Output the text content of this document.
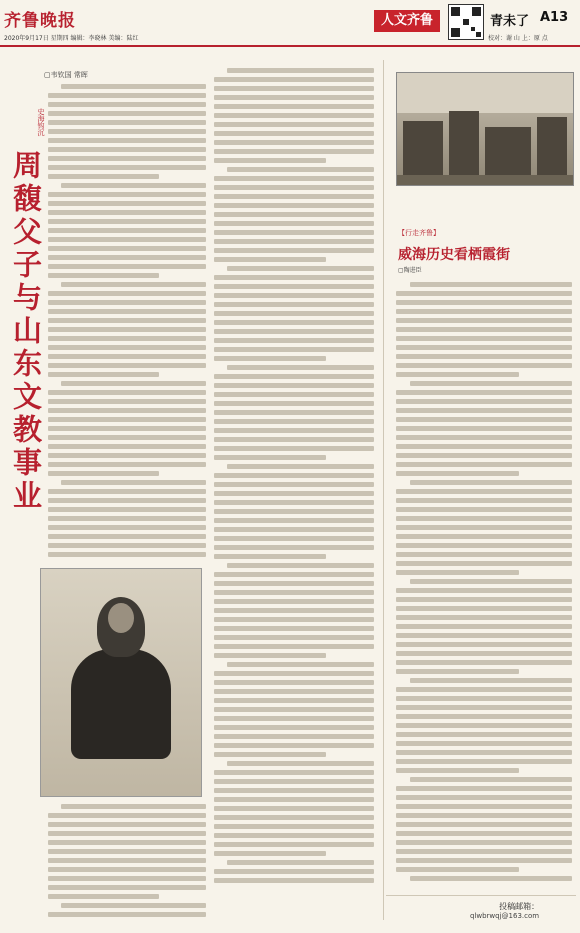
齐鲁晚报
2020年9月17日 星期四 编辑：李晓林 美编：陆红
人文齐鲁	青未了 A13
校对：谢 山 上：原 点
▢韦钦国 常晖
史海钩沉
周馥父子与山东文教事业	【行走齐鲁】
威海历史看栖霞街
▢陶进臣
投稿邮箱：
qlwbrwqj@163.com
